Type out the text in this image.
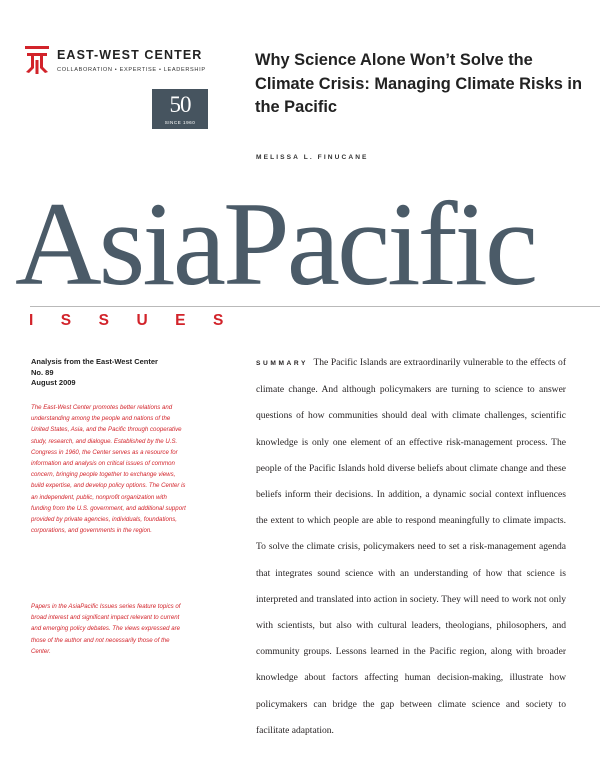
EAST-WEST CENTER
COLLABORATION • EXPERTISE • LEADERSHIP
50
SINCE 1960
Why Science Alone Won’t Solve the Climate Crisis: Managing Climate Risks in the Pacific
MELISSA L. FINUCANE
AsiaPacific
ISSUES
Analysis from the East-West Center
No. 89
August 2009

The East-West Center promotes better relations and understanding among the people and nations of the United States, Asia, and the Pacific through cooperative study, research, and dialogue. Established by the U.S. Congress in 1960, the Center serves as a resource for information and analysis on critical issues of common concern, bringing people together to exchange views, build expertise, and develop policy options. The Center is an independent, public, nonprofit organization with funding from the U.S. government, and additional support provided by private agencies, individuals, foundations, corporations, and governments in the region.

Papers in the AsiaPacific Issues series feature topics of broad interest and significant impact relevant to current and emerging policy debates. The views expressed are those of the author and not necessarily those of the Center.

SUMMARY The Pacific Islands are extraordinarily vulnerable to the effects of climate change. And although policymakers are turning to science to answer questions of how communities should deal with climate challenges, scientific knowledge is only one element of an effective risk-management process. The people of the Pacific Islands hold diverse beliefs about climate change and these beliefs inform their decisions. In addition, a dynamic social context influences the extent to which people are able to respond meaningfully to climate impacts. To solve the climate crisis, policymakers need to set a risk-management agenda that integrates sound science with an understanding of how that science is interpreted and translated into action in society. They will need to work not only with scientists, but also with cultural leaders, theologians, philosophers, and community groups. Lessons learned in the Pacific region, along with broader knowledge about factors affecting human decision-making, illustrate how policymakers can bridge the gap between climate science and society to facilitate adaptation.
